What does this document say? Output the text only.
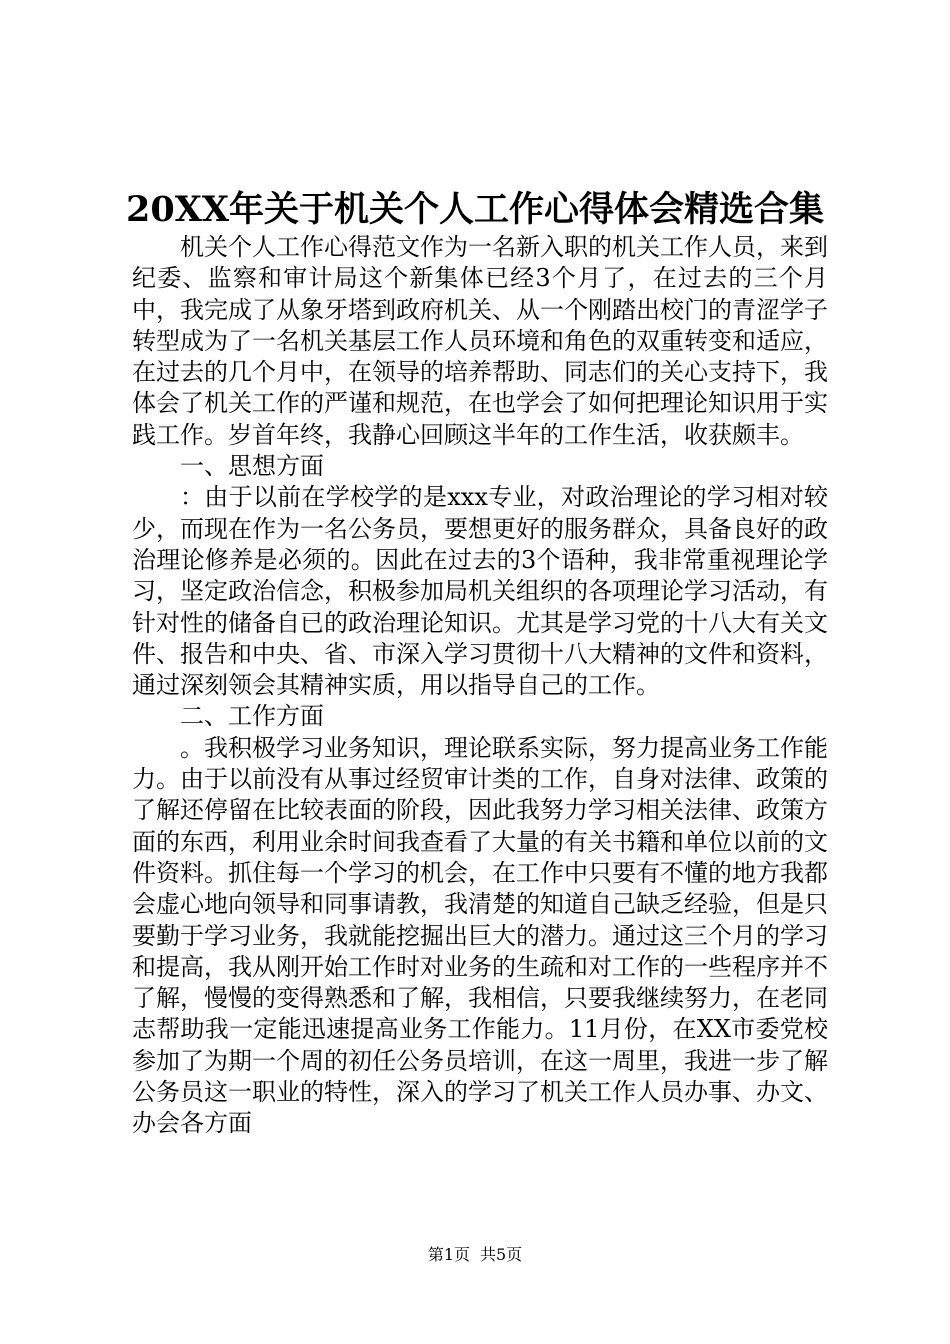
20XX年关于机关个人工作心得体会精选合集

机关个人工作心得范文作为一名新入职的机关工作人员，来到纪委、监察和审计局这个新集体已经3个月了，在过去的三个月中，我完成了从象牙塔到政府机关、从一个刚踏出校门的青涩学子转型成为了一名机关基层工作人员环境和角色的双重转变和适应，在过去的几个月中，在领导的培养帮助、同志们的关心支持下，我体会了机关工作的严谨和规范，在也学会了如何把理论知识用于实践工作。岁首年终，我静心回顾这半年的工作生活，收获颇丰。

一、思想方面

：由于以前在学校学的是xxx专业，对政治理论的学习相对较少，而现在作为一名公务员，要想更好的服务群众，具备良好的政治理论修养是必须的。因此在过去的3个语种，我非常重视理论学习，坚定政治信念，积极参加局机关组织的各项理论学习活动，有针对性的储备自已的政治理论知识。尤其是学习党的十八大有关文件、报告和中央、省、市深入学习贯彻十八大精神的文件和资料，通过深刻领会其精神实质，用以指导自己的工作。

二、工作方面

。我积极学习业务知识，理论联系实际，努力提高业务工作能力。由于以前没有从事过经贸审计类的工作，自身对法律、政策的了解还停留在比较表面的阶段，因此我努力学习相关法律、政策方面的东西，利用业余时间我查看了大量的有关书籍和单位以前的文件资料。抓住每一个学习的机会，在工作中只要有不懂的地方我都会虚心地向领导和同事请教，我清楚的知道自己缺乏经验，但是只要勤于学习业务，我就能挖掘出巨大的潜力。通过这三个月的学习和提高，我从刚开始工作时对业务的生疏和对工作的一些程序并不了解，慢慢的变得熟悉和了解，我相信，只要我继续努力，在老同志帮助我一定能迅速提高业务工作能力。11月份，在XX市委党校参加了为期一个周的初任公务员培训，在这一周里，我进一步了解公务员这一职业的特性，深入的学习了机关工作人员办事、办文、办会各方面

第1页 共5页
